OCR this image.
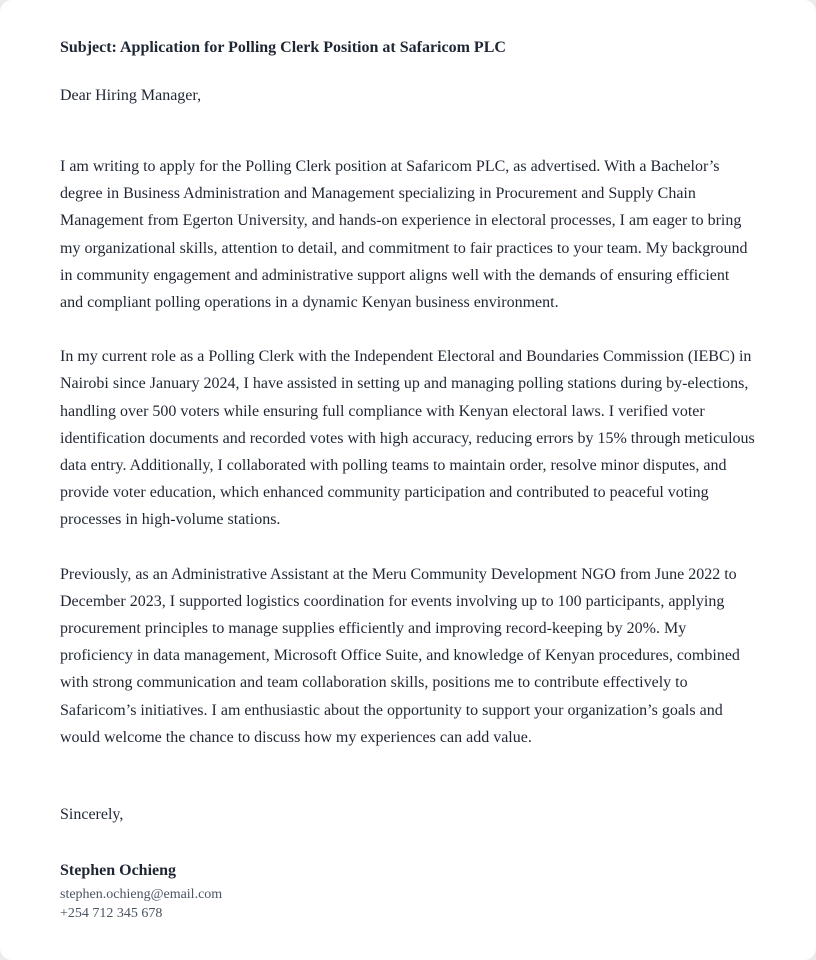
Subject: Application for Polling Clerk Position at Safaricom PLC

Dear Hiring Manager,

I am writing to apply for the Polling Clerk position at Safaricom PLC, as advertised. With a Bachelor’s degree in Business Administration and Management specializing in Procurement and Supply Chain Management from Egerton University, and hands-on experience in electoral processes, I am eager to bring my organizational skills, attention to detail, and commitment to fair practices to your team. My background in community engagement and administrative support aligns well with the demands of ensuring efficient and compliant polling operations in a dynamic Kenyan business environment.

In my current role as a Polling Clerk with the Independent Electoral and Boundaries Commission (IEBC) in Nairobi since January 2024, I have assisted in setting up and managing polling stations during by-elections, handling over 500 voters while ensuring full compliance with Kenyan electoral laws. I verified voter identification documents and recorded votes with high accuracy, reducing errors by 15% through meticulous data entry. Additionally, I collaborated with polling teams to maintain order, resolve minor disputes, and provide voter education, which enhanced community participation and contributed to peaceful voting processes in high-volume stations.

Previously, as an Administrative Assistant at the Meru Community Development NGO from June 2022 to December 2023, I supported logistics coordination for events involving up to 100 participants, applying procurement principles to manage supplies efficiently and improving record-keeping by 20%. My proficiency in data management, Microsoft Office Suite, and knowledge of Kenyan procedures, combined with strong communication and team collaboration skills, positions me to contribute effectively to Safaricom’s initiatives. I am enthusiastic about the opportunity to support your organization’s goals and would welcome the chance to discuss how my experiences can add value.

Sincerely,

Stephen Ochieng

stephen.ochieng@email.com
+254 712 345 678
